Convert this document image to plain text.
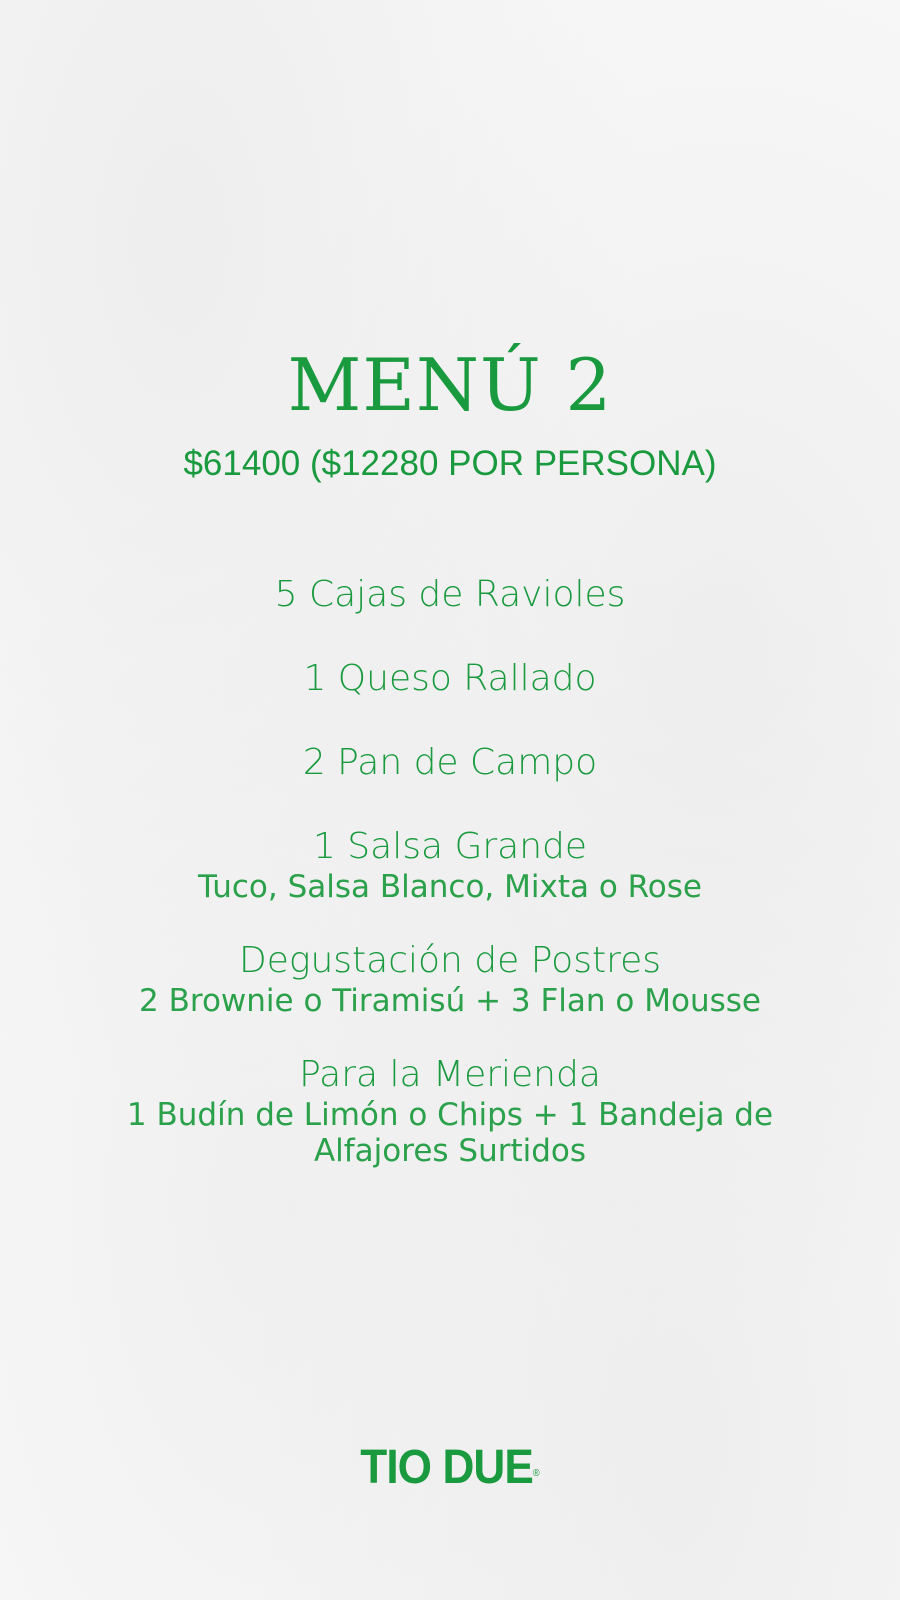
MENÚ 2
$61400 ($12280 POR PERSONA)
5 Cajas de Ravioles
1 Queso Rallado
2 Pan de Campo
1 Salsa Grande
Tuco, Salsa Blanco, Mixta o Rose
Degustación de Postres
2 Brownie o Tiramisú + 3 Flan o Mousse
Para la Merienda
1 Budín de Limón o Chips + 1 Bandeja de Alfajores Surtidos
TIO DUE®
